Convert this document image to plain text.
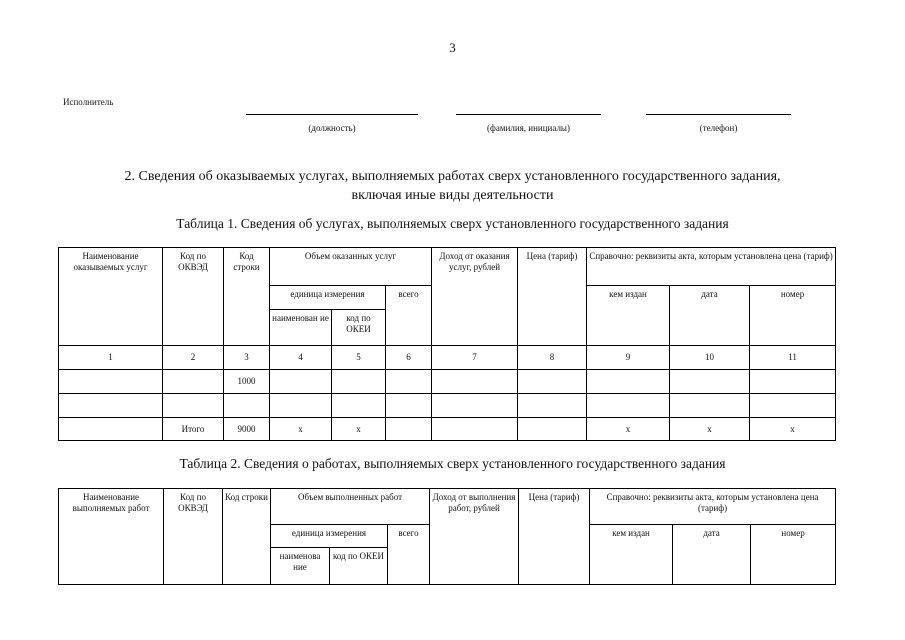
3
Исполнитель
(должность)	(фамилия, инициалы)	(телефон)
2. Сведения об оказываемых услугах, выполняемых работах сверх установленного государственного задания,
включая иные виды деятельности
Таблица 1. Сведения об услугах, выполняемых сверх установленного государственного задания
Наименование оказываемых услуг	Код по ОКВЭД	Код строки	Объем оказанных услуг			Доход от оказания услуг, рублей	Цена (тариф)	Справочно: реквизиты акта, которым установлена цена (тариф)		
			единица измерения		всего			кем издан	дата	номер
			наименован ие	код по ОКЕИ						
1	2	3	4	5	6	7	8	9	10	11
		1000								

	Итого	9000	x	x				x	x	x
Таблица 2. Сведения о работах, выполняемых сверх установленного государственного задания
Наименование выполняемых работ	Код по ОКВЭД	Код строки	Объем выполненных работ			Доход от выполнения работ, рублей	Цена (тариф)	Справочно: реквизиты акта, которым установлена цена (тариф)		
			единица измерения		всего			кем издан	дата	номер
			наименова ние	код по ОКЕИ						
